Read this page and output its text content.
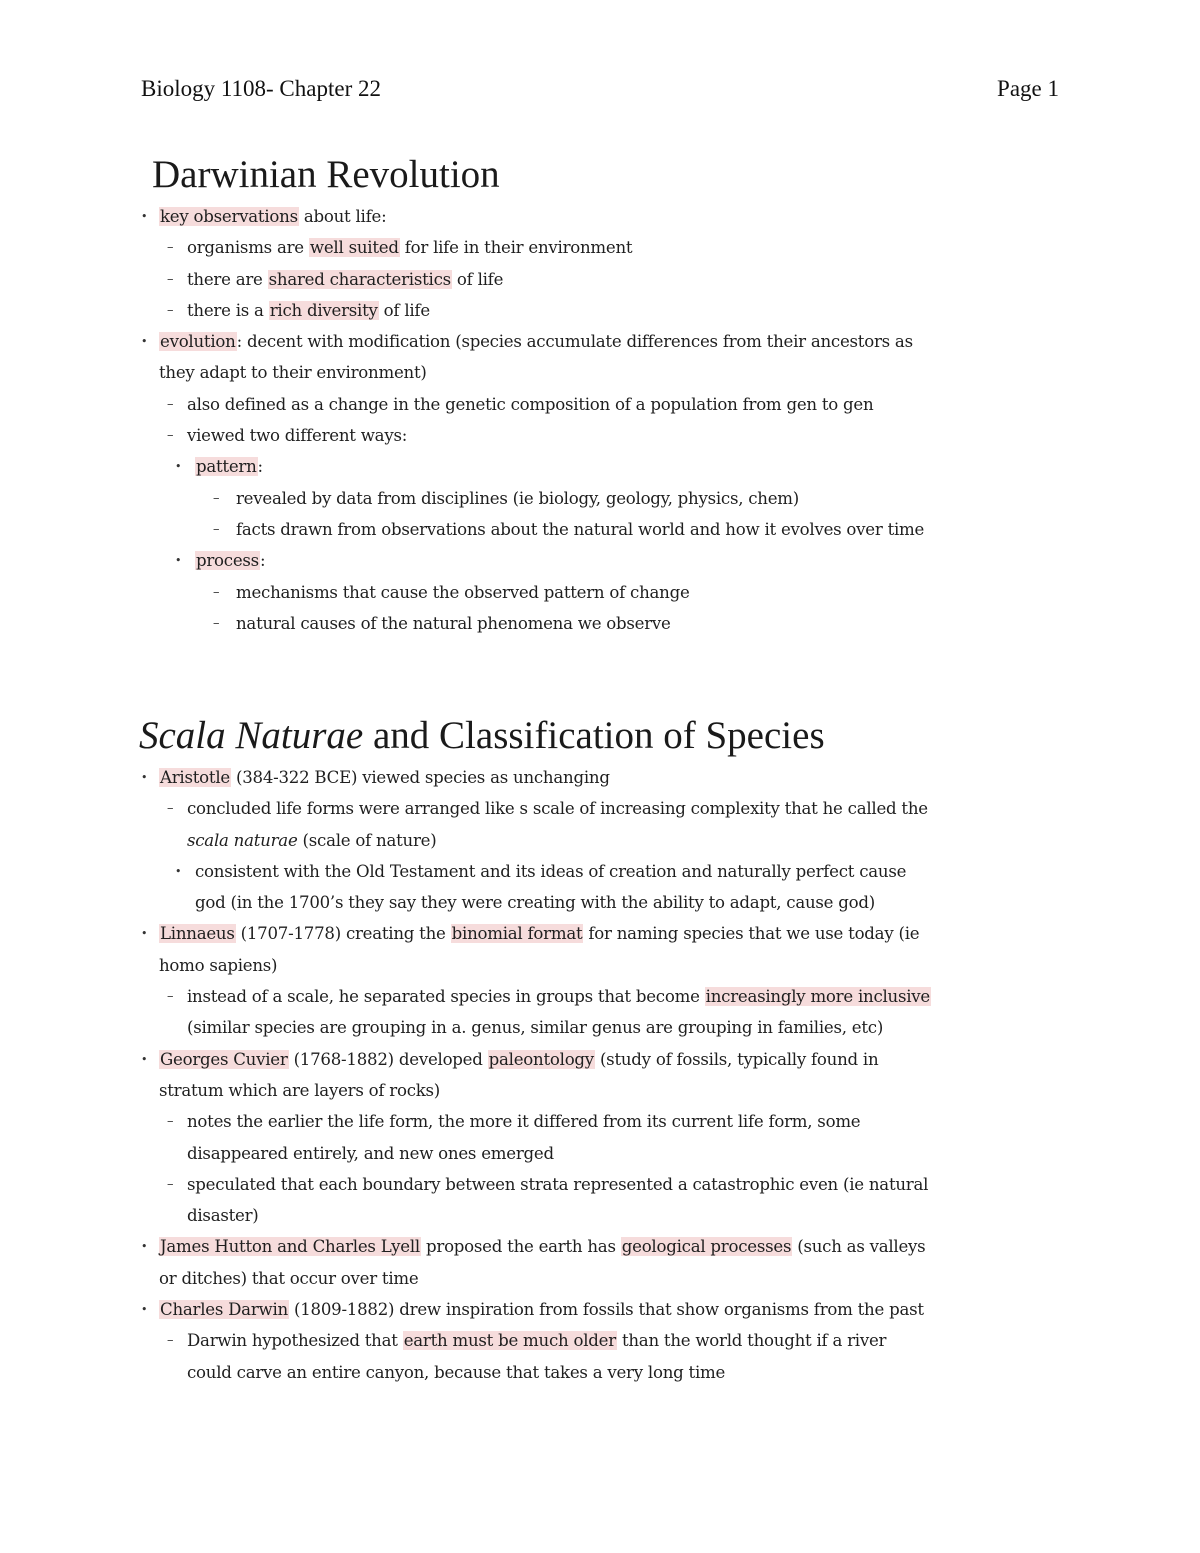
Biology 1108- Chapter 22	Page 1
Darwinian Revolution
• key observations about life:
– organisms are well suited for life in their environment
– there are shared characteristics of life
– there is a rich diversity of life
• evolution: decent with modification (species accumulate differences from their ancestors as
they adapt to their environment)
– also defined as a change in the genetic composition of a population from gen to gen
– viewed two different ways:
• pattern:
–	revealed by data from disciplines (ie biology, geology, physics, chem)
–	facts drawn from observations about the natural world and how it evolves over time
• process:
–	mechanisms that cause the observed pattern of change
–	natural causes of the natural phenomena we observe
Scala Naturae and Classification of Species
• Aristotle (384-322 BCE) viewed species as unchanging
– concluded life forms were arranged like s scale of increasing complexity that he called the
scala naturae (scale of nature)
• consistent with the Old Testament and its ideas of creation and naturally perfect cause
god (in the 1700’s they say they were creating with the ability to adapt, cause god)
• Linnaeus (1707-1778) creating the binomial format for naming species that we use today (ie
homo sapiens)
– instead of a scale, he separated species in groups that become increasingly more inclusive
(similar species are grouping in a. genus, similar genus are grouping in families, etc)
• Georges Cuvier (1768-1882) developed paleontology (study of fossils, typically found in
stratum which are layers of rocks)
– notes the earlier the life form, the more it differed from its current life form, some
disappeared entirely, and new ones emerged
– speculated that each boundary between strata represented a catastrophic even (ie natural
disaster)
• James Hutton and Charles Lyell proposed the earth has geological processes (such as valleys
or ditches) that occur over time
• Charles Darwin (1809-1882) drew inspiration from fossils that show organisms from the past
– Darwin hypothesized that earth must be much older than the world thought if a river
could carve an entire canyon, because that takes a very long time
